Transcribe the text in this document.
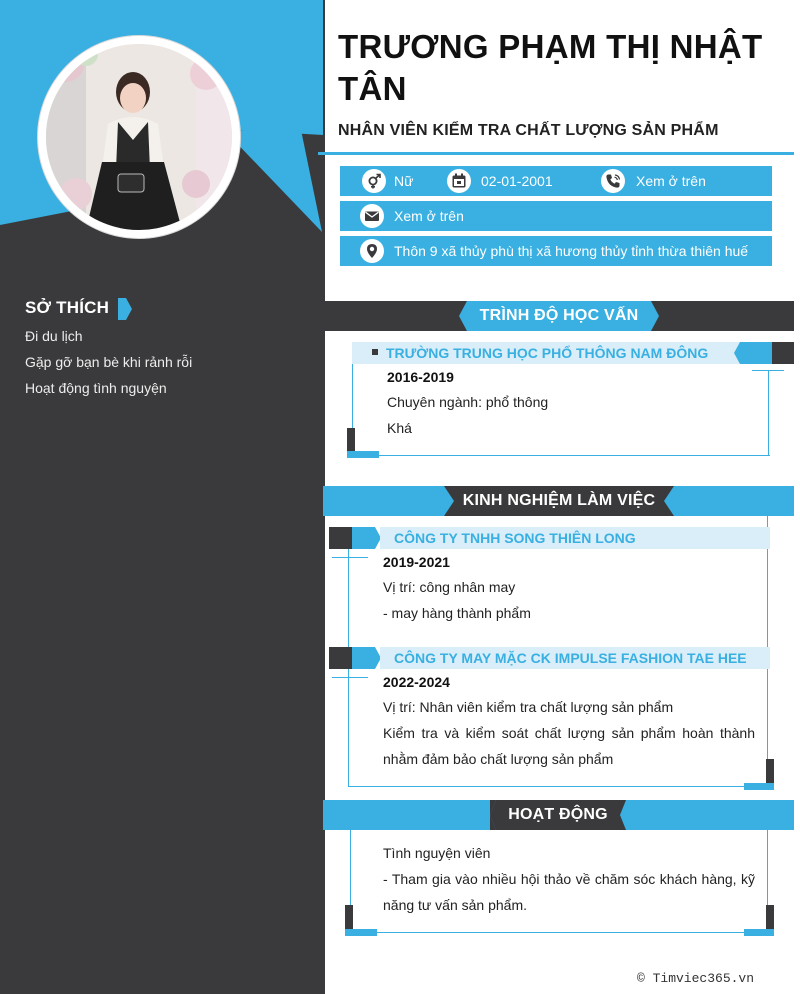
SỞ THÍCH
Đi du lịch
Gặp gỡ bạn bè khi rảnh rỗi
Hoạt động tình nguyện
TRƯƠNG PHẠM THỊ NHẬT TÂN
NHÂN VIÊN KIỂM TRA CHẤT LƯỢNG SẢN PHẨM
Nữ	02-01-2001	Xem ở trên
Xem ở trên
Thôn 9 xã thủy phù thị xã hương thủy tỉnh thừa thiên huế
TRÌNH ĐỘ HỌC VẤN
TRƯỜNG TRUNG HỌC PHỔ THÔNG NAM ĐÔNG
2016-2019
Chuyên ngành: phổ thông
Khá
KINH NGHIỆM LÀM VIỆC
CÔNG TY TNHH SONG THIÊN LONG
2019-2021
Vị trí: công nhân may
- may hàng thành phẩm
CÔNG TY MAY MẶC CK IMPULSE FASHION TAE HEE
2022-2024
Vị trí: Nhân viên kiểm tra chất lượng sản phẩm
Kiểm tra và kiểm soát chất lượng sản phẩm hoàn thành nhằm đảm bảo chất lượng sản phẩm
HOẠT ĐỘNG
Tình nguyện viên
- Tham gia vào nhiều hội thảo về chăm sóc khách hàng, kỹ năng tư vấn sản phẩm.
© Timviec365.vn
